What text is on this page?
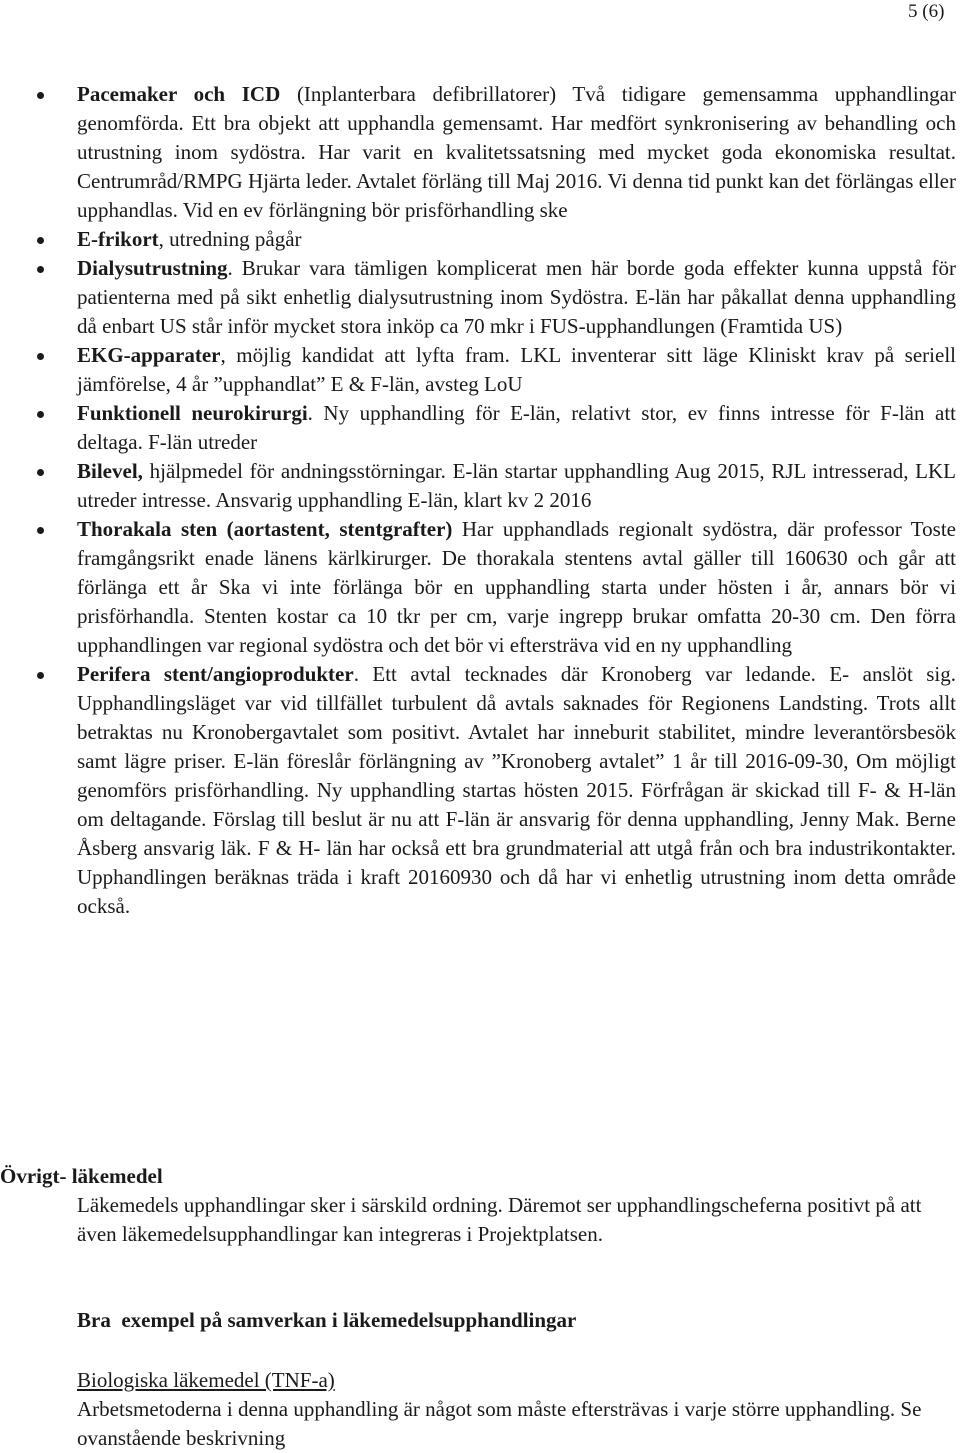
5 (6)

Pacemaker och ICD (Inplanterbara defibrillatorer) Två tidigare gemensamma upphandlingar genomförda. Ett bra objekt att upphandla gemensamt. Har medfört synkronisering av behandling och utrustning inom sydöstra. Har varit en kvalitetssatsning med mycket goda ekonomiska resultat. Centrumråd/RMPG Hjärta leder. Avtalet förläng till Maj 2016. Vi denna tid punkt kan det förlängas eller upphandlas. Vid en ev förlängning bör prisförhandling ske

E-frikort, utredning pågår

Dialysutrustning. Brukar vara tämligen komplicerat men här borde goda effekter kunna uppstå för patienterna med på sikt enhetlig dialysutrustning inom Sydöstra. E-län har påkallat denna upphandling då enbart US står inför mycket stora inköp ca 70 mkr i FUS-upphandlungen (Framtida US)

EKG-apparater, möjlig kandidat att lyfta fram. LKL inventerar sitt läge Kliniskt krav på seriell jämförelse, 4 år ”upphandlat” E & F-län, avsteg LoU

Funktionell neurokirurgi. Ny upphandling för E-län, relativt stor, ev finns intresse för F-län att deltaga. F-län utreder

Bilevel, hjälpmedel för andningsstörningar. E-län startar upphandling Aug 2015, RJL intresserad, LKL utreder intresse. Ansvarig upphandling E-län, klart kv 2 2016

Thorakala sten (aortastent, stentgrafter) Har upphandlads regionalt sydöstra, där professor Toste framgångsrikt enade länens kärlkirurger. De thorakala stentens avtal gäller till 160630 och går att förlänga ett år Ska vi inte förlänga bör en upphandling starta under hösten i år, annars bör vi prisförhandla. Stenten kostar ca 10 tkr per cm, varje ingrepp brukar omfatta 20-30 cm. Den förra upphandlingen var regional sydöstra och det bör vi eftersträva vid en ny upphandling

Perifera stent/angioprodukter. Ett avtal tecknades där Kronoberg var ledande. E- anslöt sig. Upphandlingsläget var vid tillfället turbulent då avtals saknades för Regionens Landsting. Trots allt betraktas nu Kronobergavtalet som positivt. Avtalet har inneburit stabilitet, mindre leverantörsbesök samt lägre priser. E-län föreslår förlängning av ”Kronoberg avtalet” 1 år till 2016-09-30, Om möjligt genomförs prisförhandling. Ny upphandling startas hösten 2015. Förfrågan är skickad till F- & H-län om deltagande. Förslag till beslut är nu att F-län är ansvarig för denna upphandling, Jenny Mak. Berne Åsberg ansvarig läk. F & H- län har också ett bra grundmaterial att utgå från och bra industrikontakter. Upphandlingen beräknas träda i kraft 20160930 och då har vi enhetlig utrustning inom detta område också.

Övrigt- läkemedel

Läkemedels upphandlingar sker i särskild ordning. Däremot ser upphandlingscheferna positivt på att även läkemedelsupphandlingar kan integreras i Projektplatsen.

Bra  exempel på samverkan i läkemedelsupphandlingar

Biologiska läkemedel (TNF-a)

Arbetsmetoderna i denna upphandling är något som måste eftersträvas i varje större upphandling. Se ovanstående beskrivning
